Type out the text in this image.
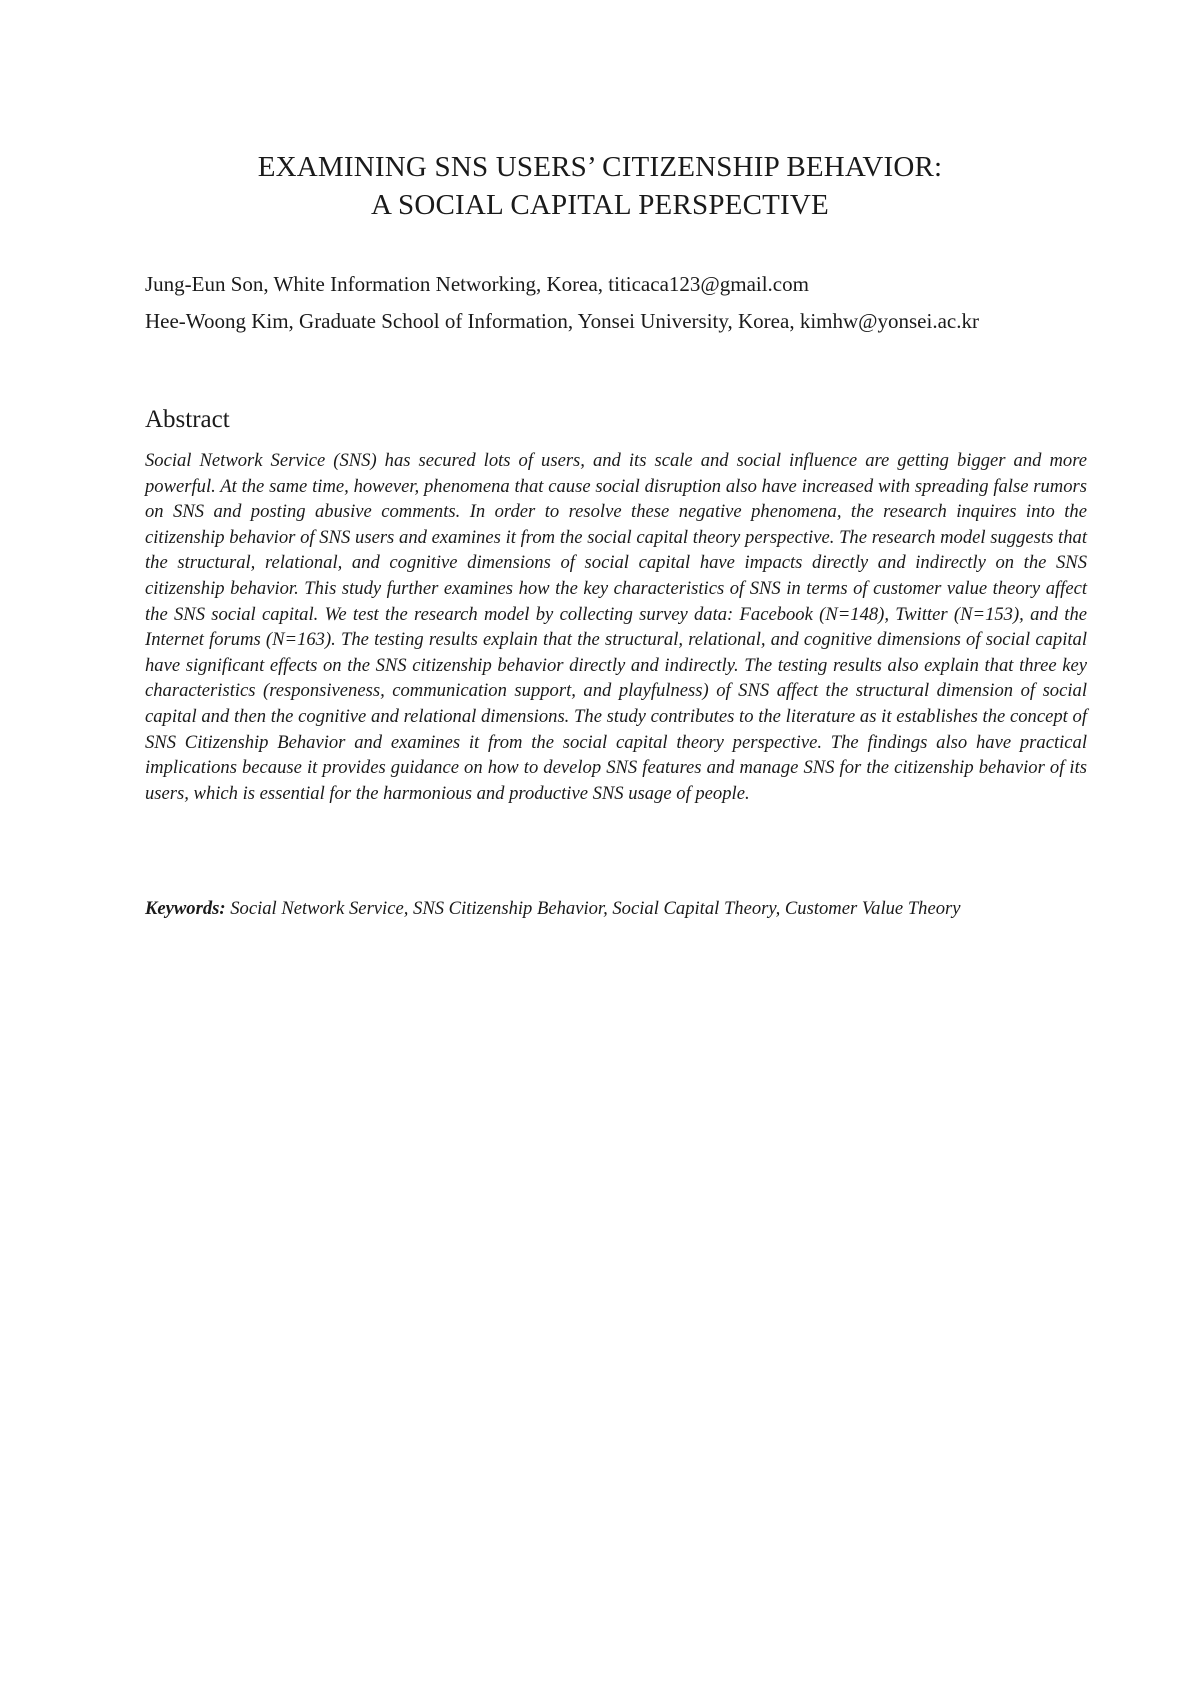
EXAMINING SNS USERS’ CITIZENSHIP BEHAVIOR:
A SOCIAL CAPITAL PERSPECTIVE

Jung-Eun Son, White Information Networking, Korea, titicaca123@gmail.com

Hee-Woong Kim, Graduate School of Information, Yonsei University, Korea, kimhw@yonsei.ac.kr

Abstract

Social Network Service (SNS) has secured lots of users, and its scale and social influence are getting bigger and more powerful. At the same time, however, phenomena that cause social disruption also have increased with spreading false rumors on SNS and posting abusive comments. In order to resolve these negative phenomena, the research inquires into the citizenship behavior of SNS users and examines it from the social capital theory perspective. The research model suggests that the structural, relational, and cognitive dimensions of social capital have impacts directly and indirectly on the SNS citizenship behavior. This study further examines how the key characteristics of SNS in terms of customer value theory affect the SNS social capital. We test the research model by collecting survey data: Facebook (N=148), Twitter (N=153), and the Internet forums (N=163). The testing results explain that the structural, relational, and cognitive dimensions of social capital have significant effects on the SNS citizenship behavior directly and indirectly. The testing results also explain that three key characteristics (responsiveness, communication support, and playfulness) of SNS affect the structural dimension of social capital and then the cognitive and relational dimensions. The study contributes to the literature as it establishes the concept of SNS Citizenship Behavior and examines it from the social capital theory perspective. The findings also have practical implications because it provides guidance on how to develop SNS features and manage SNS for the citizenship behavior of its users, which is essential for the harmonious and productive SNS usage of people.

Keywords: Social Network Service, SNS Citizenship Behavior, Social Capital Theory, Customer Value Theory
